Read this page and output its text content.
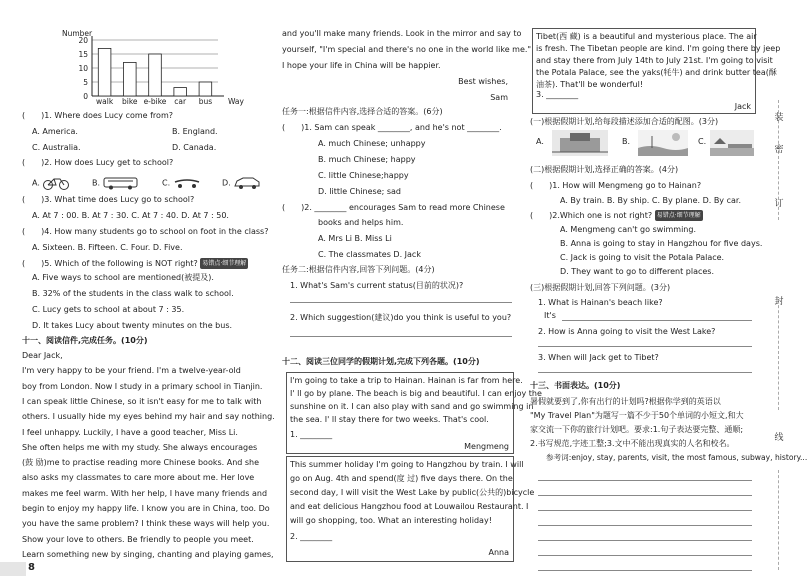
0
5
10
15
20
Number
Way
walk bike e-bike car bus
(　　)1. Where does Lucy come from?
A. America.	B. England.
C. Australia.	D. Canada.
(　　)2. How does Lucy get to school?
A.	B.	C.	D.
(　　)3. What time does Lucy go to school?
A. At 7 : 00. B. At 7 : 30. C. At 7 : 40. D. At 7 : 50.
(　　)4. How many students go to school on foot in the class?
A. Sixteen. B. Fifteen. C. Four. D. Five.
(　　)5. Which of the following is NOT right? 易错点·细节理解
A. Five ways to school are mentioned(被提及).
B. 32% of the students in the class walk to school.
C. Lucy gets to school at about 7 : 35.
D. It takes Lucy about twenty minutes on the bus.
十一、阅读信件,完成任务。(10分)
Dear Jack,
I'm very happy to be your friend. I'm a twelve-year-old
boy from London. Now I study in a primary school in Tianjin.
I can speak little Chinese, so it isn't easy for me to talk with
others. I usually hide my eyes behind my hair and say nothing.
I feel unhappy. Luckily, I have a good teacher, Miss Li.
She often helps me with my study. She always encourages
(鼓 励)me to practise reading more Chinese books. And she
also asks my classmates to care more about me. Her love
makes me feel warm. With her help, I have many friends and
begin to enjoy my happy life. I know you are in China, too. Do
you have the same problem? I think these ways will help you.
Show your love to others. Be friendly to people you meet.
Learn something new by singing, chanting and playing games,
8
and you'll make many friends. Look in the mirror and say to
yourself, "I'm special and there's no one in the world like me."
I hope your life in China will be happier.
Best wishes,
Sam
任务一:根据信件内容,选择合适的答案。(6分)
(　　)1. Sam can speak ________, and he's not ________.
A. much Chinese; unhappy
B. much Chinese; happy
C. little Chinese;happy
D. little Chinese; sad
(　　)2. ________ encourages Sam to read more Chinese
books and helps him.
A. Mrs Li B. Miss Li
C. The classmates D. Jack
任务二:根据信件内容,回答下列问题。(4分)
1. What's Sam's current status(目前的状况)?
2. Which suggestion(建议)do you think is useful to you?
十二、阅读三位同学的假期计划,完成下列各题。(10分)
I'm going to take a trip to Hainan. Hainan is far from here.
I' ll go by plane. The beach is big and beautiful. I can enjoy the
sunshine on it. I can also play with sand and go swimming in
the sea. I' ll stay there for two weeks. That's cool.
1. ________
Mengmeng
This summer holiday I'm going to Hangzhou by train. I will
go on Aug. 4th and spend(度 过) five days there. On the
second day, I will visit the West Lake by public(公共的)bicycle
and eat delicious Hangzhou food at Louwailou Restaurant. I
will go shopping, too. What an interesting holiday!
2. ________
Anna
Tibet(西 藏) is a beautiful and mysterious place. The air
is fresh. The Tibetan people are kind. I'm going there by jeep
and stay there from July 14th to July 21st. I'm going to visit
the Potala Palace, see the yaks(牦牛) and drink butter tea(酥
油茶). That'll be wonderful!
3. ________
Jack
(一)根据假期计划,给每段描述添加合适的配图。(3分)
A.	B.	C.
(二)根据假期计划,选择正确的答案。(4分)
(　　)1. How will Mengmeng go to Hainan?
A. By train. B. By ship. C. By plane. D. By car.
(　　)2.Which one is not right? 易错点·细节理解
A. Mengmeng can't go swimming.
B. Anna is going to stay in Hangzhou for five days.
C. Jack is going to visit the Potala Palace.
D. They want to go to different places.
(三)根据假期计划,回答下列问题。(3分)
1. What is Hainan's beach like?
It's
2. How is Anna going to visit the West Lake?
3. When will Jack get to Tibet?
十三、书面表达。(10分)
暑假就要到了,你有出行的计划吗?根据你学到的英语以
"My Travel Plan"为题写一篇不少于50个单词的小短文,和大
家交流一下你的旅行计划吧。要求:1.句子表达要完整、通顺;
2.书写规范,字迹工整;3.文中不能出现真实的人名和校名。
参考词:enjoy, stay, parents, visit, the most famous, subway, history...
装
密
订
封
线
